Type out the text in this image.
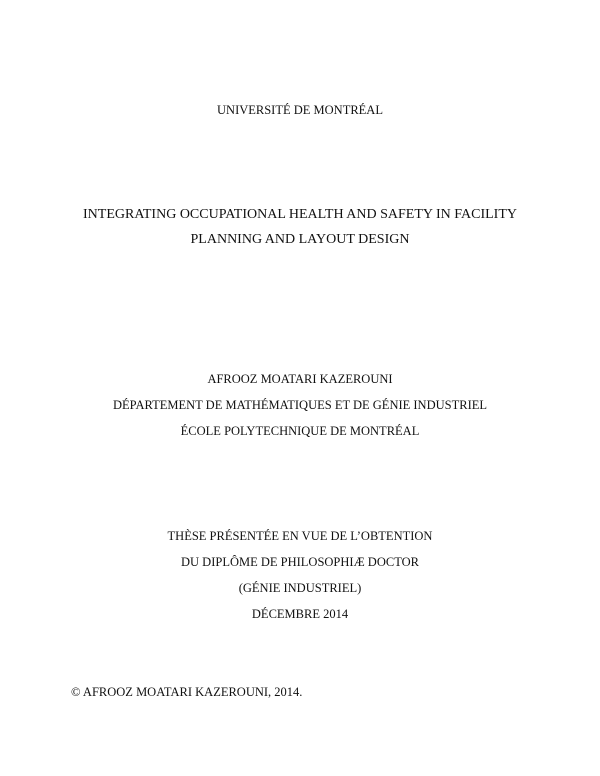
UNIVERSITÉ DE MONTRÉAL
INTEGRATING OCCUPATIONAL HEALTH AND SAFETY IN FACILITY
PLANNING AND LAYOUT DESIGN
AFROOZ MOATARI KAZEROUNI
DÉPARTEMENT DE MATHÉMATIQUES ET DE GÉNIE INDUSTRIEL
ÉCOLE POLYTECHNIQUE DE MONTRÉAL
THÈSE PRÉSENTÉE EN VUE DE L’OBTENTION
DU DIPLÔME DE PHILOSOPHIÆ DOCTOR
(GÉNIE INDUSTRIEL)
DÉCEMBRE 2014
© AFROOZ MOATARI KAZEROUNI, 2014.
